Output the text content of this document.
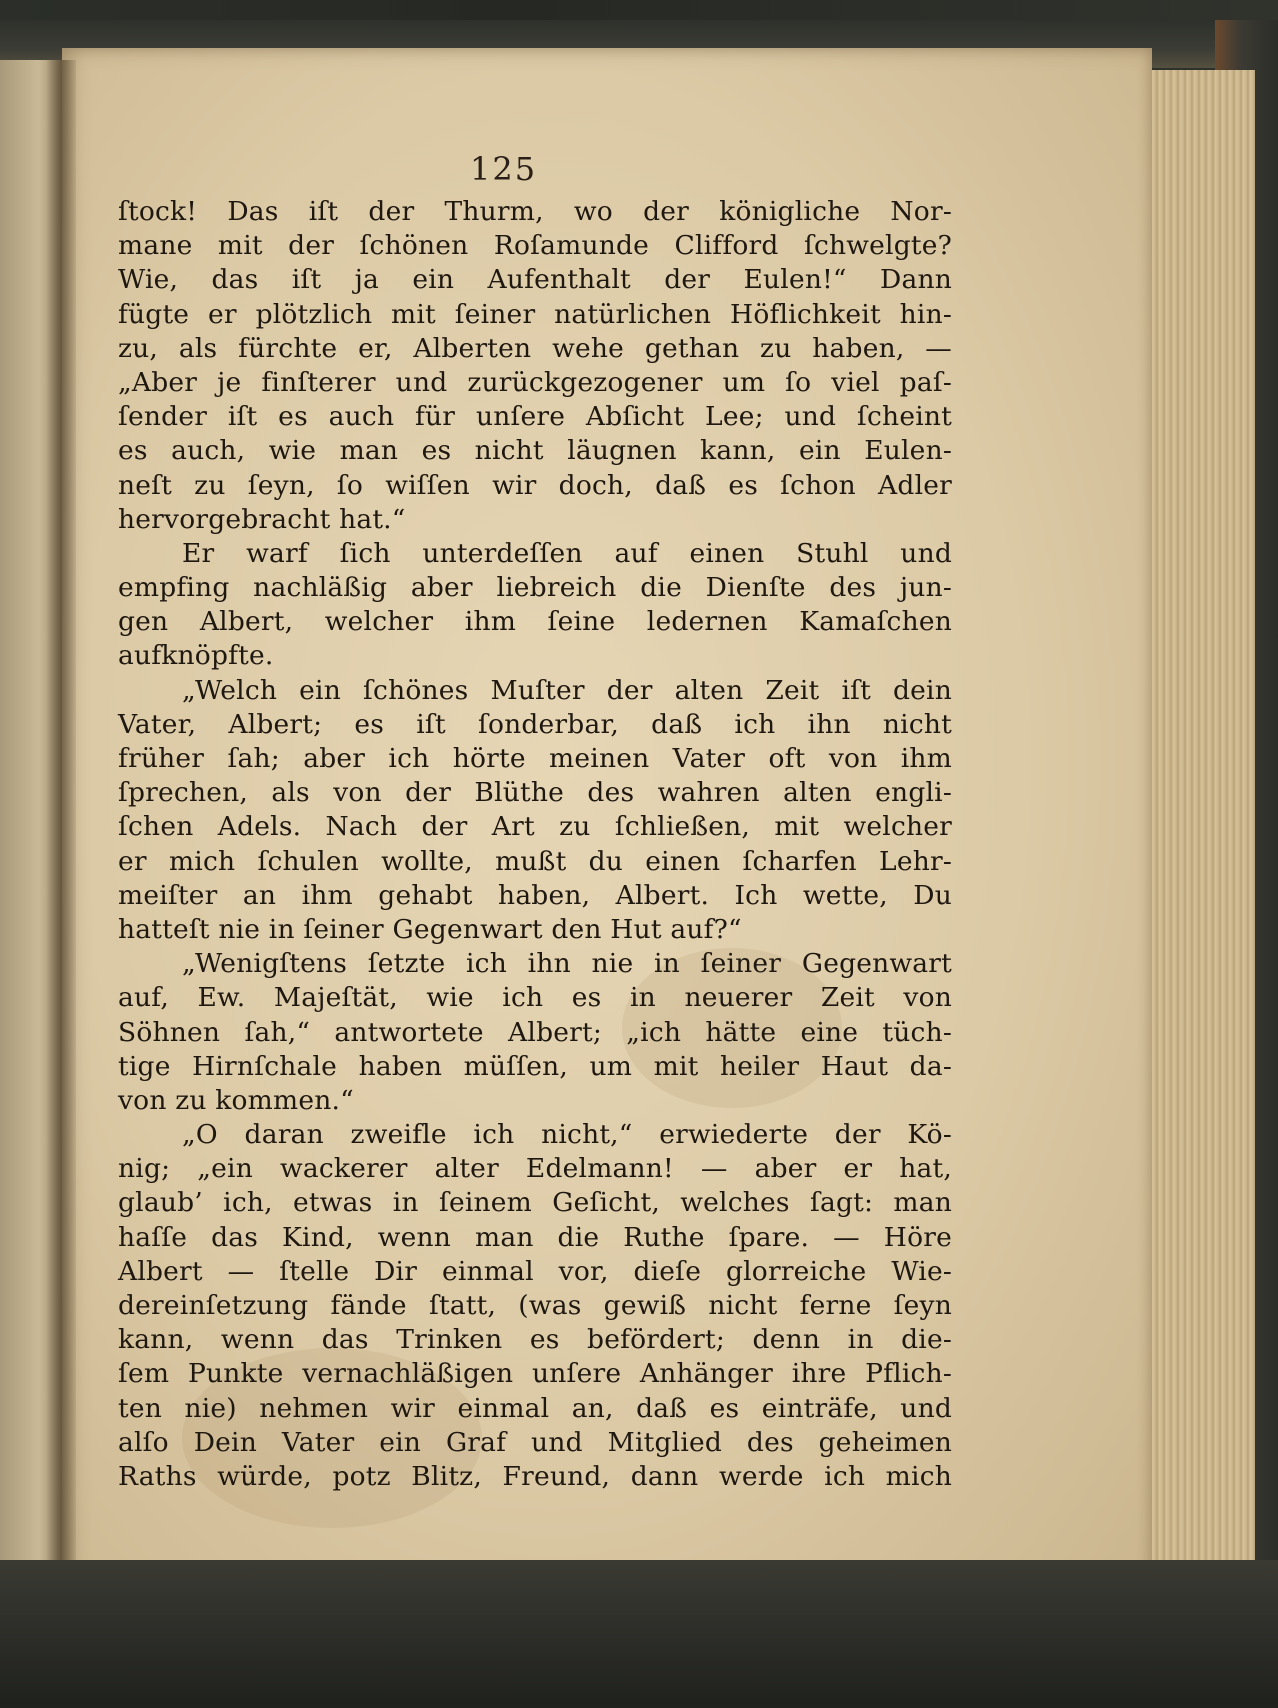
125
ſtock! Das iſt der Thurm, wo der königliche Nor-
mane mit der ſchönen Roſamunde Clifford ſchwelgte?
Wie, das iſt ja ein Aufenthalt der Eulen!“ Dann
fügte er plötzlich mit ſeiner natürlichen Höflichkeit hin-
zu, als fürchte er, Alberten wehe gethan zu haben, —
„Aber je finſterer und zurückgezogener um ſo viel paſ-
ſender iſt es auch für unſere Abſicht Lee; und ſcheint
es auch, wie man es nicht läugnen kann, ein Eulen-
neſt zu ſeyn, ſo wiſſen wir doch, daß es ſchon Adler
hervorgebracht hat.“
Er warf ſich unterdeſſen auf einen Stuhl und
empfing nachläßig aber liebreich die Dienſte des jun-
gen Albert, welcher ihm ſeine ledernen Kamaſchen
aufknöpfte.
„Welch ein ſchönes Muſter der alten Zeit iſt dein
Vater, Albert; es iſt ſonderbar, daß ich ihn nicht
früher ſah; aber ich hörte meinen Vater oft von ihm
ſprechen, als von der Blüthe des wahren alten engli-
ſchen Adels. Nach der Art zu ſchließen, mit welcher
er mich ſchulen wollte, mußt du einen ſcharfen Lehr-
meiſter an ihm gehabt haben, Albert. Ich wette, Du
hatteſt nie in ſeiner Gegenwart den Hut auf?“
„Wenigſtens ſetzte ich ihn nie in ſeiner Gegenwart
auf, Ew. Majeſtät, wie ich es in neuerer Zeit von
Söhnen ſah,“ antwortete Albert; „ich hätte eine tüch-
tige Hirnſchale haben müſſen, um mit heiler Haut da-
von zu kommen.“
„O daran zweifle ich nicht,“ erwiederte der Kö-
nig; „ein wackerer alter Edelmann! — aber er hat,
glaub’ ich, etwas in ſeinem Geſicht, welches ſagt: man
haſſe das Kind, wenn man die Ruthe ſpare. — Höre
Albert — ſtelle Dir einmal vor, dieſe glorreiche Wie-
dereinſetzung fände ſtatt, (was gewiß nicht ferne ſeyn
kann, wenn das Trinken es befördert; denn in die-
ſem Punkte vernachläßigen unſere Anhänger ihre Pflich-
ten nie) nehmen wir einmal an, daß es einträfe, und
alſo Dein Vater ein Graf und Mitglied des geheimen
Raths würde, potz Blitz, Freund, dann werde ich mich
